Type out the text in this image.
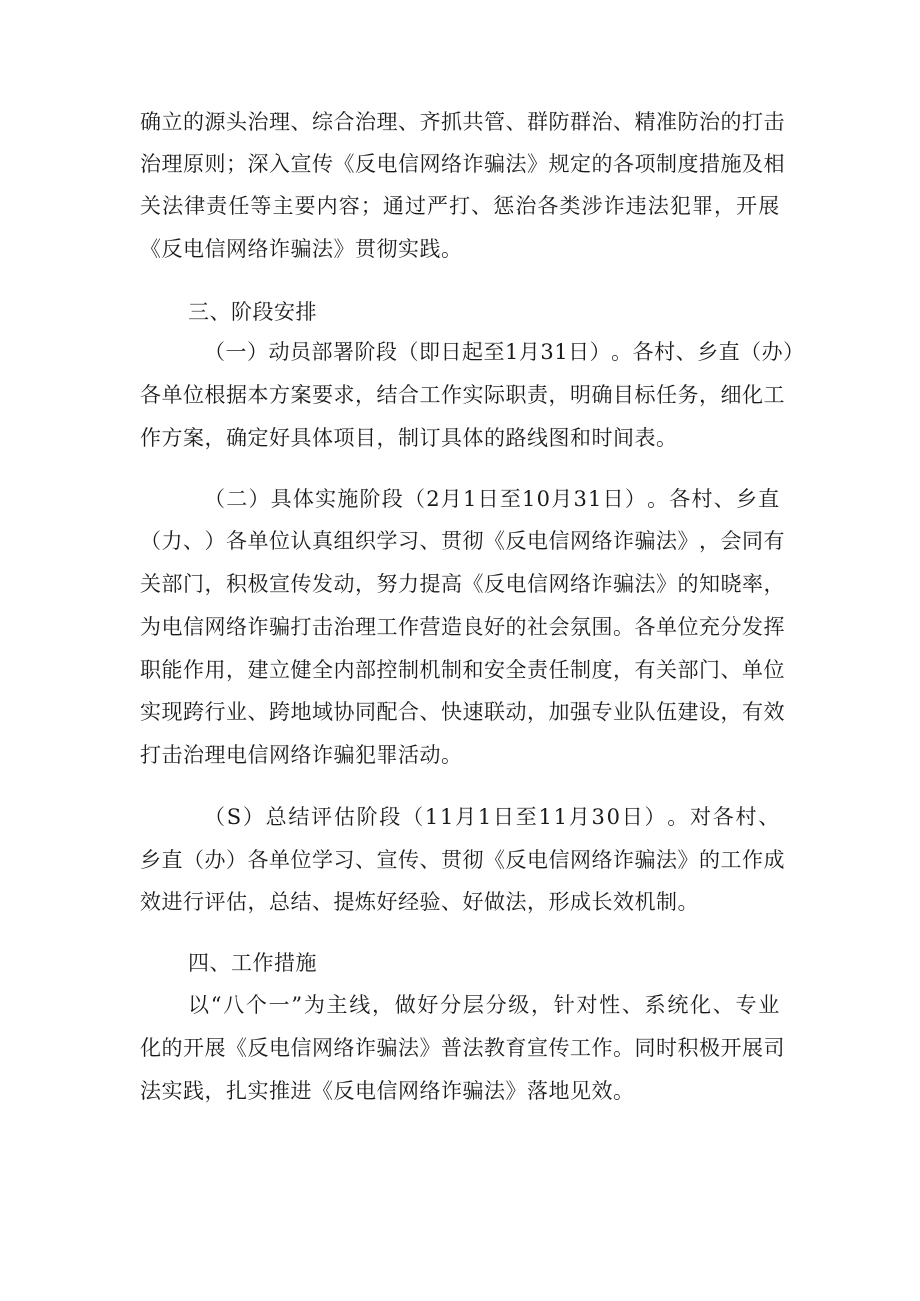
确 立 的 源 头 治 理 、 综 合 治 理 、 齐 抓 共 管 、 群 防 群 治 、 精 准 防 治 的 打 击
治 理 原 则 ； 深 入 宣 传 《 反 电 信 网 络 诈 骗 法 》 规 定 的 各 项 制 度 措 施 及 相
关 法 律 责 任 等 主 要 内 容 ； 通 过 严 打 、 惩 治 各 类 涉 诈 违 法 犯 罪 ， 开 展
《反电信网络诈骗法》贯彻实践。
三、阶段安排
（ 一 ） 动 员 部 署 阶 段 （ 即 日 起 至 1 月 3 1 日 ） 。 各 村 、 乡 直 （ 办 ）
各 单 位 根 据 本 方 案 要 求 ， 结 合 工 作 实 际 职 责 ， 明 确 目 标 任 务 ， 细 化 工
作方案，确定好具体项目，制订具体的路线图和时间表。
（ 二 ） 具 体 实 施 阶 段 （ 2 月 1 日 至 1 0 月 3 1 日 ） 。 各 村 、 乡 直
（ 力 、 ） 各 单 位 认 真 组 织 学 习 、 贯 彻 《 反 电 信 网 络 诈 骗 法 》 ， 会 同 有
关 部 门 ， 积 极 宣 传 发 动 ， 努 力 提 高 《 反 电 信 网 络 诈 骗 法 》 的 知 晓 率 ，
为 电 信 网 络 诈 骗 打 击 治 理 工 作 营 造 良 好 的 社 会 氛 围 。 各 单 位 充 分 发 挥
职 能 作 用 ， 建 立 健 全 内 部 控 制 机 制 和 安 全 责 任 制 度 ， 有 关 部 门 、 单 位
实 现 跨 行 业 、 跨 地 域 协 同 配 合 、 快 速 联 动 ， 加 强 专 业 队 伍 建 设 ， 有 效
打击治理电信网络诈骗犯罪活动。
（ S ） 总 结 评 估 阶 段 （ 1 1 月 1 日 至 1 1 月 3 0 日 ） 。 对 各 村 、
乡 直 （ 办 ） 各 单 位 学 习 、 宣 传 、 贯 彻 《 反 电 信 网 络 诈 骗 法 》 的 工 作 成
效进行评估，总结、提炼好经验、好做法，形成长效机制。
四、工作措施
以 “ 八 个 一 ” 为 主 线 ， 做 好 分 层 分 级 ， 针 对 性 、 系 统 化 、 专 业
化 的 开 展 《 反 电 信 网 络 诈 骗 法 》 普 法 教 育 宣 传 工 作 。 同 时 积 极 开 展 司
法实践，扎实推进《反电信网络诈骗法》落地见效。
